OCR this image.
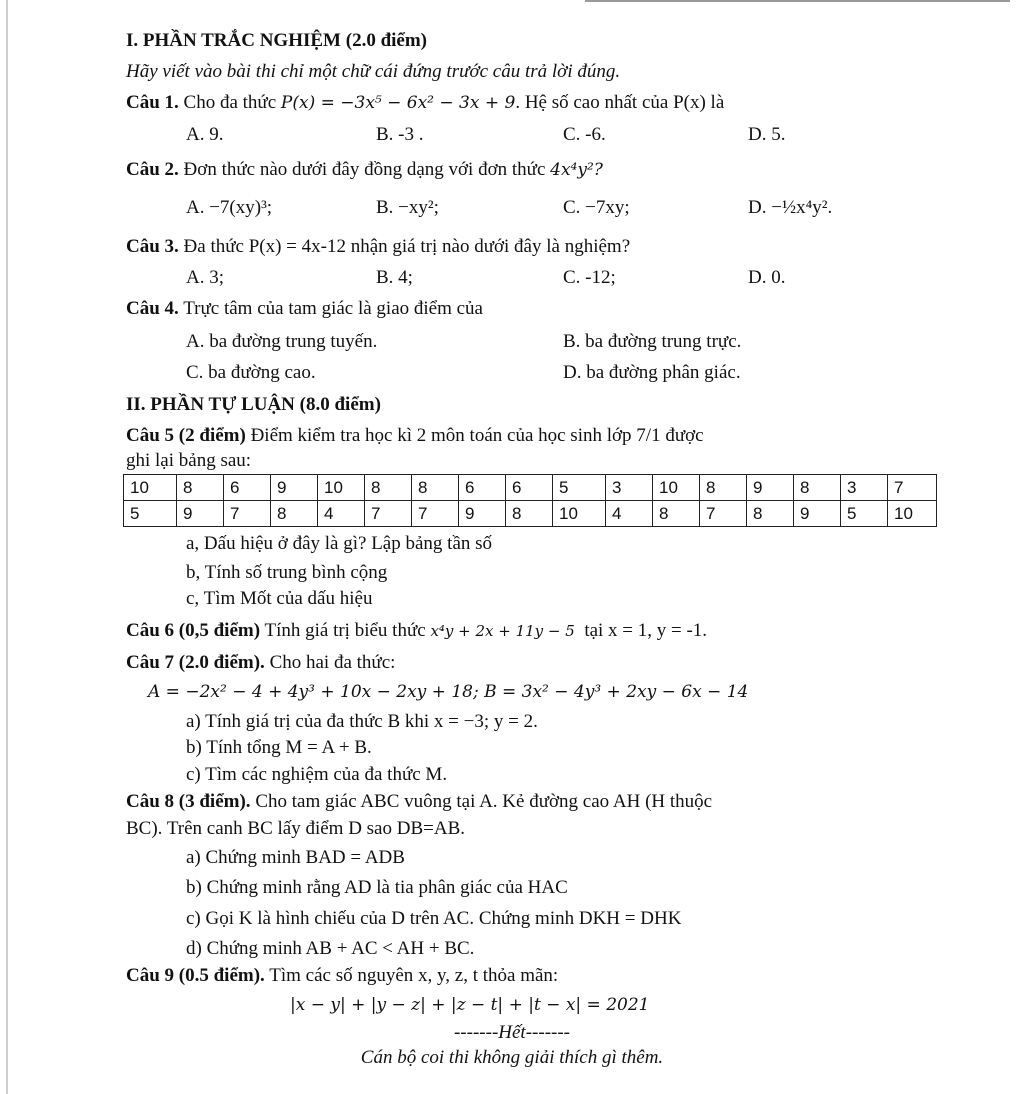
I. PHẦN TRẮC NGHIỆM (2.0 điểm)
Hãy viết vào bài thi chỉ một chữ cái đứng trước câu trả lời đúng.
Câu 1. Cho đa thức P(x) = −3x⁵ − 6x² − 3x + 9. Hệ số cao nhất của P(x) là
A. 9.	B. -3 .	C. -6.	D. 5.
Câu 2. Đơn thức nào dưới đây đồng dạng với đơn thức 4x⁴y²?
A. −7(xy)³;	B. −xy²;	C. −7xy;	D. −½x⁴y².
Câu 3. Đa thức P(x) = 4x-12 nhận giá trị nào dưới đây là nghiệm?
A. 3;	B. 4;	C. -12;	D. 0.
Câu 4. Trực tâm của tam giác là giao điểm của
A. ba đường trung tuyến.	B. ba đường trung trực.
C. ba đường cao.	D. ba đường phân giác.
II. PHẦN TỰ LUẬN (8.0 điểm)
Câu 5 (2 điểm) Điểm kiểm tra học kì 2 môn toán của học sinh lớp 7/1 được
ghi lại bảng sau:
10	8	6	9	10	8	8	6	6	5	3	10	8	9	8	3	7
5	9	7	8	4	7	7	9	8	10	4	8	7	8	9	5	10
a, Dấu hiệu ở đây là gì? Lập bảng tần số
b, Tính số trung bình cộng
c, Tìm Mốt của dấu hiệu
Câu 6 (0,5 điểm) Tính giá trị biểu thức x⁴y + 2x + 11y − 5 tại x = 1, y = -1.
Câu 7 (2.0 điểm). Cho hai đa thức:
A = −2x² − 4 + 4y³ + 10x − 2xy + 18; B = 3x² − 4y³ + 2xy − 6x − 14
a) Tính giá trị của đa thức B khi x = −3; y = 2.
b) Tính tổng M = A + B.
c) Tìm các nghiệm của đa thức M.
Câu 8 (3 điểm). Cho tam giác ABC vuông tại A. Kẻ đường cao AH (H thuộc
BC). Trên canh BC lấy điểm D sao DB=AB.
a) Chứng minh BAD = ADB
b) Chứng minh rằng AD là tia phân giác của HAC
c) Gọi K là hình chiếu của D trên AC. Chứng minh DKH = DHK
d) Chứng minh AB + AC < AH + BC.
Câu 9 (0.5 điểm). Tìm các số nguyên x, y, z, t thỏa mãn:
|x − y| + |y − z| + |z − t| + |t − x| = 2021
-------Hết-------
Cán bộ coi thi không giải thích gì thêm.
